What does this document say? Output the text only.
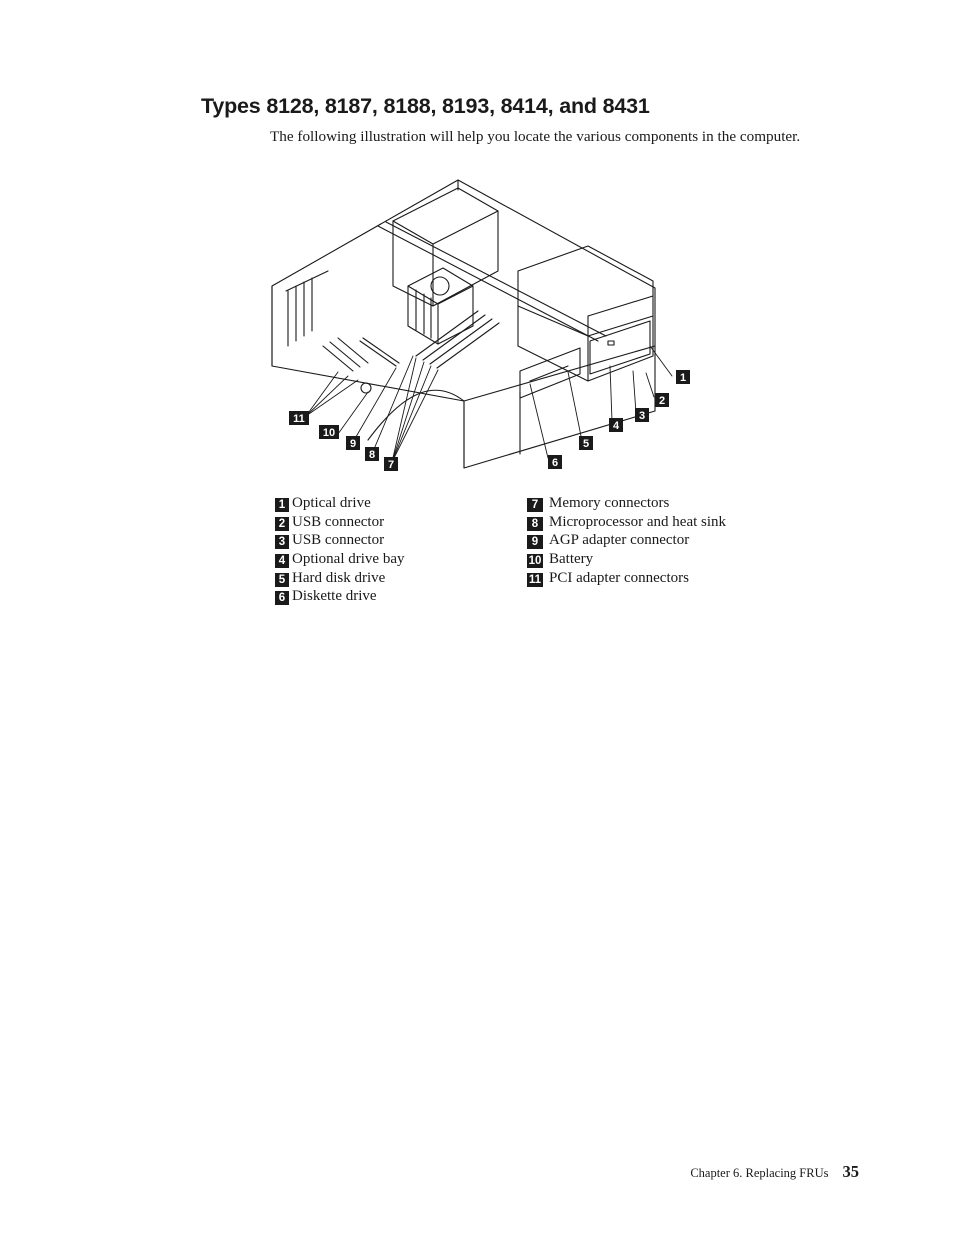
Types 8128, 8187, 8188, 8193, 8414, and 8431

The following illustration will help you locate the various components in the computer.

1
2
3
4
5
6
7
8
9
10
11
1 Optical drive
2 USB connector
3 USB connector
4 Optional drive bay
5 Hard disk drive
6 Diskette drive
7 Memory connectors
8 Microprocessor and heat sink
9 AGP adapter connector
10 Battery
11 PCI adapter connectors
Chapter 6. Replacing FRUs 35
